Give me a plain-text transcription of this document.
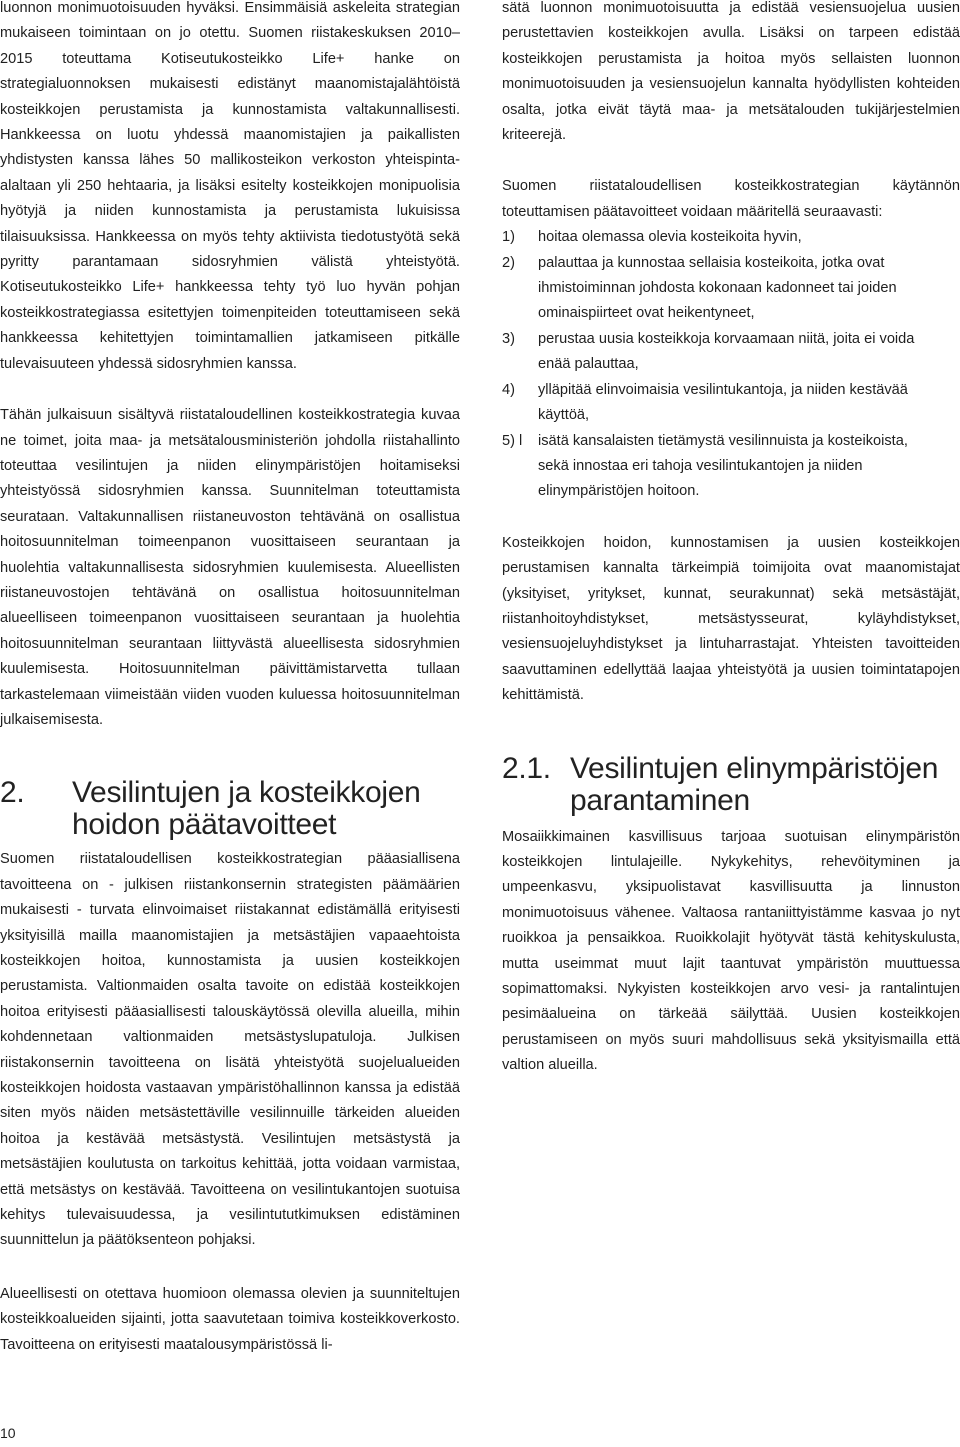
luonnon monimuotoisuuden hyväksi. Ensimmäisiä askeleita strategian mukaiseen toimintaan on jo otettu. Suomen riistakeskuksen 2010–2015 toteuttama Kotiseutukosteikko Life+ hanke on strategialuonnoksen mukaisesti edistänyt maanomistajalähtöistä kosteikkojen perustamista ja kunnostamista valtakunnallisesti. Hankkeessa on luotu yhdessä maanomistajien ja paikallisten yhdistysten kanssa lähes 50 mallikosteikon verkoston yhteispinta-alaltaan yli 250 hehtaaria, ja lisäksi esitelty kosteikkojen monipuolisia hyötyjä ja niiden kunnostamista ja perustamista lukuisissa tilaisuuksissa. Hankkeessa on myös tehty aktiivista tiedotustyötä sekä pyritty parantamaan sidosryhmien välistä yhteistyötä. Kotiseutukosteikko Life+ hankkeessa tehty työ luo hyvän pohjan kosteikkostrategiassa esitettyjen toimenpiteiden toteuttamiseen sekä hankkeessa kehitettyjen toimintamallien jatkamiseen pitkälle tulevaisuuteen yhdessä sidosryhmien kanssa.

Tähän julkaisuun sisältyvä riistataloudellinen kosteikkostrategia kuvaa ne toimet, joita maa- ja metsätalousministeriön johdolla riistahallinto toteuttaa vesilintujen ja niiden elinympäristöjen hoitamiseksi yhteistyössä sidosryhmien kanssa. Suunnitelman toteuttamista seurataan. Valtakunnallisen riistaneuvoston tehtävänä on osallistua hoitosuunnitelman toimeenpanon vuosittaiseen seurantaan ja huolehtia valtakunnallisesta sidosryhmien kuulemisesta. Alueellisten riistaneuvostojen tehtävänä on osallistua hoitosuunnitelman alueelliseen toimeenpanon vuosittaiseen seurantaan ja huolehtia hoitosuunnitelman seurantaan liittyvästä alueellisesta sidosryhmien kuulemisesta. Hoitosuunnitelman päivittämistarvetta tullaan tarkastelemaan viimeistään viiden vuoden kuluessa hoitosuunnitelman julkaisemisesta.

2.	Vesilintujen ja kosteikkojen hoidon päätavoitteet

Suomen riistataloudellisen kosteikkostrategian pääasiallisena tavoitteena on - julkisen riistankonsernin strategisten päämäärien mukaisesti - turvata elinvoimaiset riistakannat edistämällä erityisesti yksityisillä mailla maanomistajien ja metsästäjien vapaaehtoista kosteikkojen hoitoa, kunnostamista ja uusien kosteikkojen perustamista. Valtionmaiden osalta tavoite on edistää kosteikkojen hoitoa erityisesti pääasiallisesti talouskäytössä olevilla alueilla, mihin kohdennetaan valtionmaiden metsästyslupatuloja. Julkisen riistakonsernin tavoitteena on lisätä yhteistyötä suojelualueiden kosteikkojen hoidosta vastaavan ympäristöhallinnon kanssa ja edistää siten myös näiden metsästettäville vesilinnuille tärkeiden alueiden hoitoa ja kestävää metsästystä. Vesilintujen metsästystä ja metsästäjien koulutusta on tarkoitus kehittää, jotta voidaan varmistaa, että metsästys on kestävää. Tavoitteena on vesilintukantojen suotuisa kehitys tulevaisuudessa, ja vesilintututkimuksen edistäminen suunnittelun ja päätöksenteon pohjaksi.

Alueellisesti on otettava huomioon olemassa olevien ja suunniteltujen kosteikkoalueiden sijainti, jotta saavutetaan toimiva kosteikkoverkosto. Tavoitteena on erityisesti maatalousympäristössä li-

sätä luonnon monimuotoisuutta ja edistää vesiensuojelua uusien perustettavien kosteikkojen avulla. Lisäksi on tarpeen edistää kosteikkojen perustamista ja hoitoa myös sellaisten luonnon monimuotoisuuden ja vesiensuojelun kannalta hyödyllisten kohteiden osalta, jotka eivät täytä maa- ja metsätalouden tukijärjestelmien kriteerejä.

Suomen riistataloudellisen kosteikkostrategian käytännön toteuttamisen päätavoitteet voidaan määritellä seuraavasti:

1)	hoitaa olemassa olevia kosteikoita hyvin,
2)	palauttaa ja kunnostaa sellaisia kosteikoita, jotka ovat ihmistoiminnan johdosta kokonaan kadonneet tai joiden ominaispiirteet ovat heikentyneet,
3)	perustaa uusia kosteikkoja korvaamaan niitä, joita ei voida enää palauttaa,
4)	ylläpitää elinvoimaisia vesilintukantoja, ja niiden kestävää käyttöä,
5) l	isätä kansalaisten tietämystä vesilinnuista ja kosteikoista, sekä innostaa eri tahoja vesilintukantojen ja niiden elinympäristöjen hoitoon.

Kosteikkojen hoidon, kunnostamisen ja uusien kosteikkojen perustamisen kannalta tärkeimpiä toimijoita ovat maanomistajat (yksityiset, yritykset, kunnat, seurakunnat) sekä metsästäjät, riistanhoitoyhdistykset, metsästysseurat, kyläyhdistykset, vesiensuojeluyhdistykset ja lintuharrastajat. Yhteisten tavoitteiden saavuttaminen edellyttää laajaa yhteistyötä ja uusien toimintatapojen kehittämistä.

2.1. Vesilintujen elinympäristöjen parantaminen

Mosaiikkimainen kasvillisuus tarjoaa suotuisan elinympäristön kosteikkojen lintulajeille. Nykykehitys, rehevöityminen ja umpeenkasvu, yksipuolistavat kasvillisuutta ja linnuston monimuotoisuus vähenee. Valtaosa rantaniittyistämme kasvaa jo nyt ruoikkoa ja pensaikkoa. Ruoikkolajit hyötyvät tästä kehityskulusta, mutta useimmat muut lajit taantuvat ympäristön muuttuessa sopimattomaksi. Nykyisten kosteikkojen arvo vesi- ja rantalintujen pesimäalueina on tärkeää säilyttää. Uusien kosteikkojen perustamiseen on myös suuri mahdollisuus sekä yksityismailla että valtion alueilla.

10
